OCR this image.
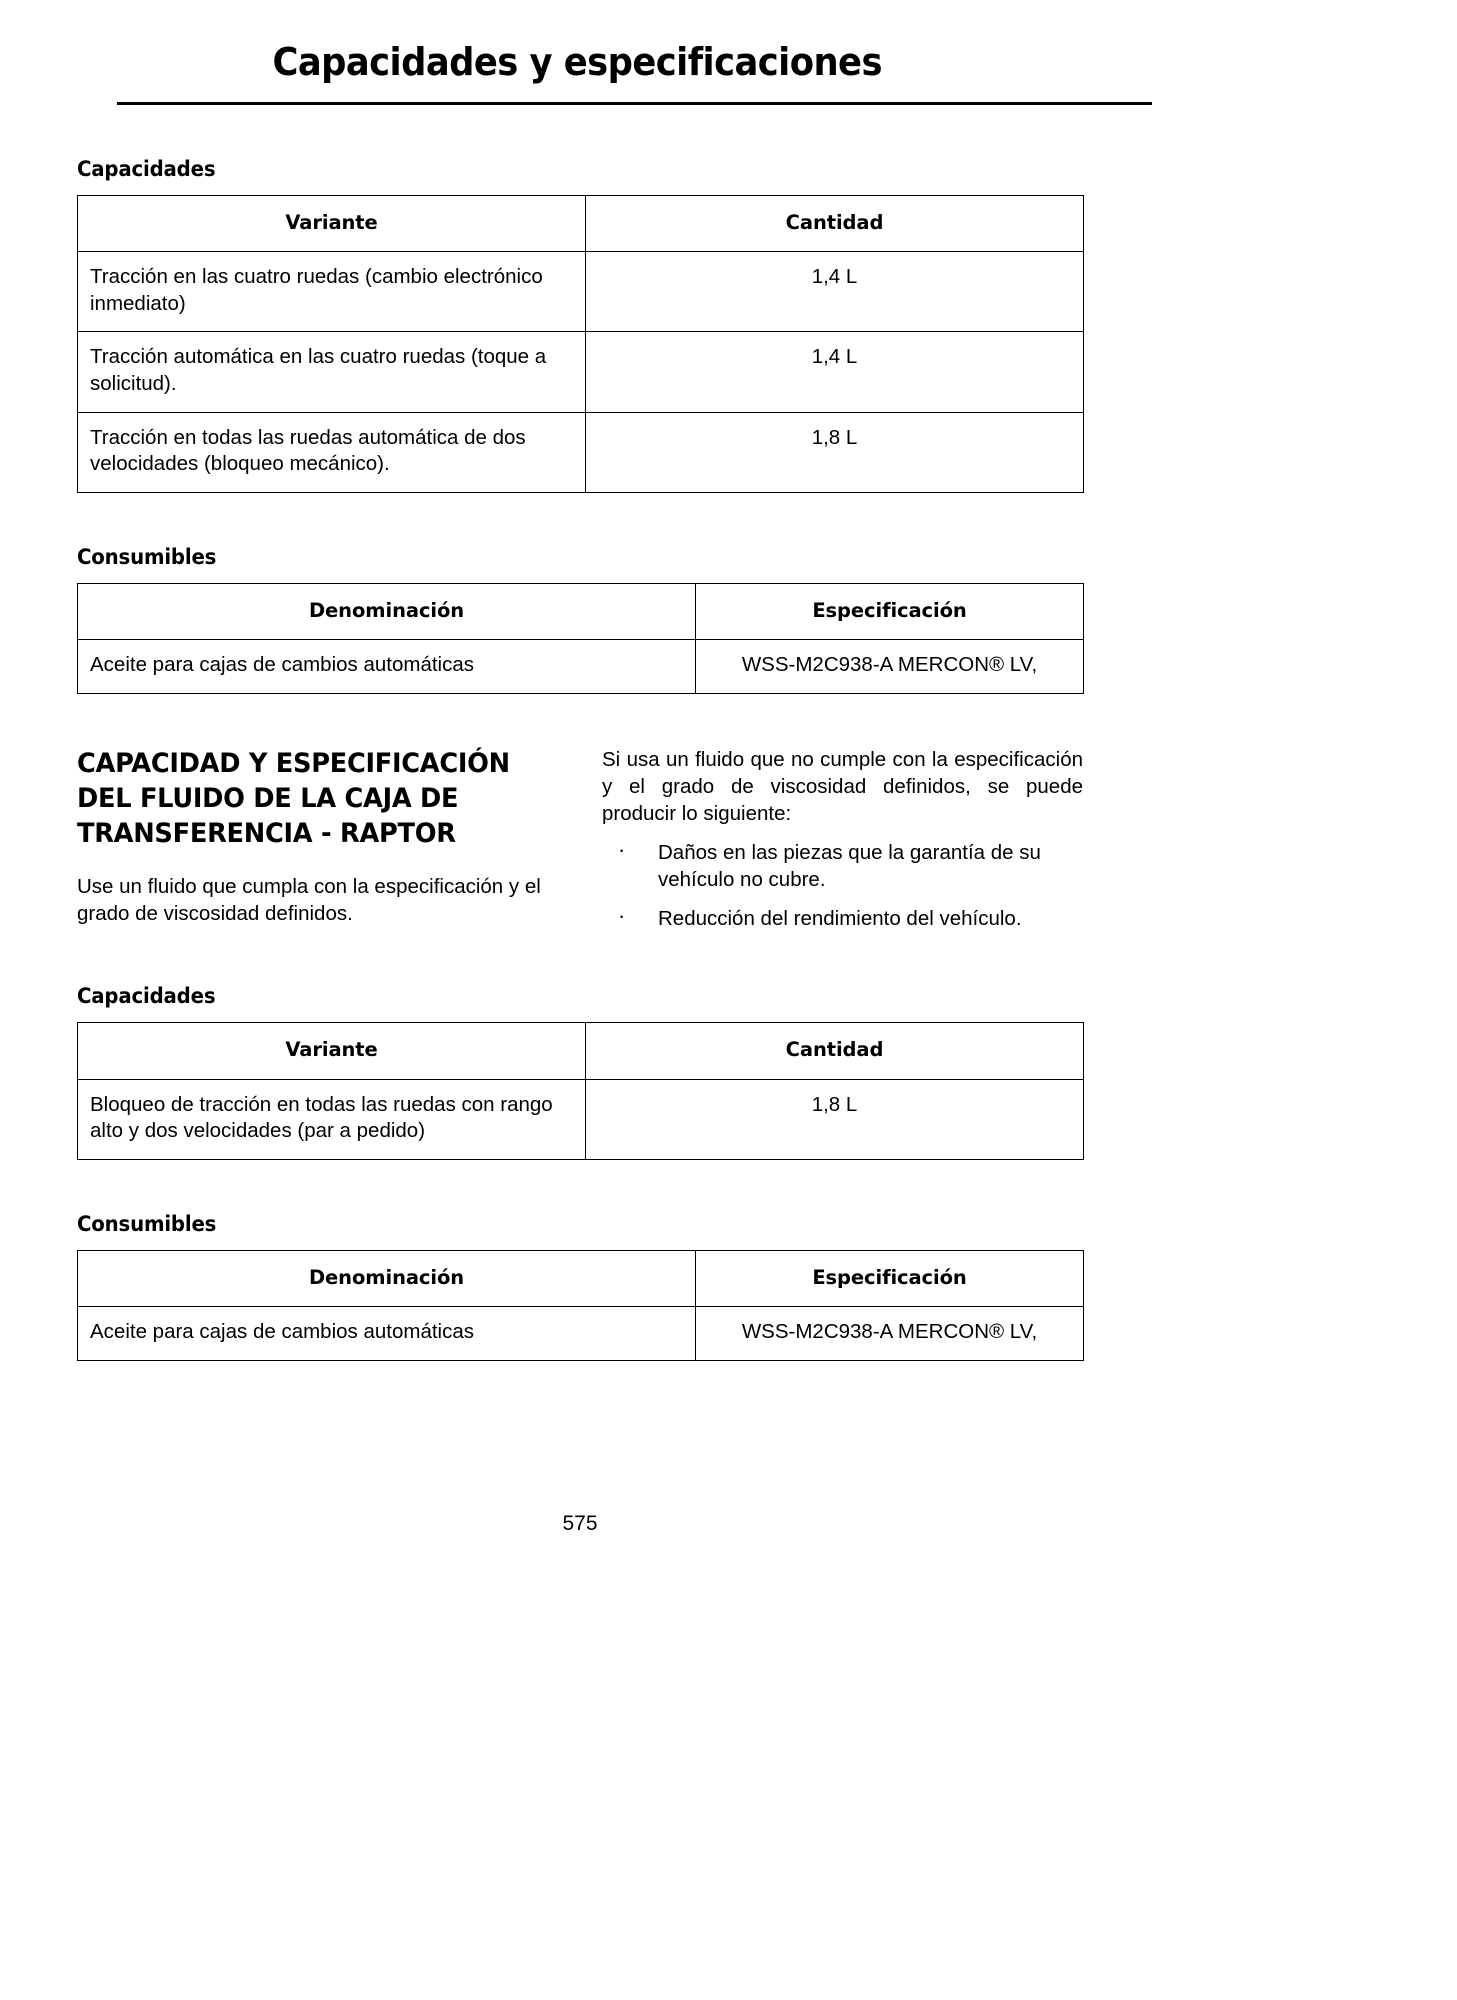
Capacidades y especificaciones
Capacidades
Variante	Cantidad
Tracción en las cuatro ruedas (cambio electrónico inmediato)	1,4 L
Tracción automática en las cuatro ruedas (toque a solicitud).	1,4 L
Tracción en todas las ruedas automática de dos velocidades (bloqueo mecánico).	1,8 L
Consumibles
Denominación	Especificación
Aceite para cajas de cambios automáticas	WSS-M2C938-A MERCON® LV,
CAPACIDAD Y ESPECIFICACIÓN DEL FLUIDO DE LA CAJA DE TRANSFERENCIA - RAPTOR

Use un fluido que cumpla con la especificación y el grado de viscosidad definidos.

Si usa un fluido que no cumple con la especificación y el grado de viscosidad definidos, se puede producir lo siguiente:

· Daños en las piezas que la garantía de su vehículo no cubre.
· Reducción del rendimiento del vehículo.
Capacidades
Variante	Cantidad
Bloqueo de tracción en todas las ruedas con rango alto y dos velocidades (par a pedido)	1,8 L
Consumibles
Denominación	Especificación
Aceite para cajas de cambios automáticas	WSS-M2C938-A MERCON® LV,
575
